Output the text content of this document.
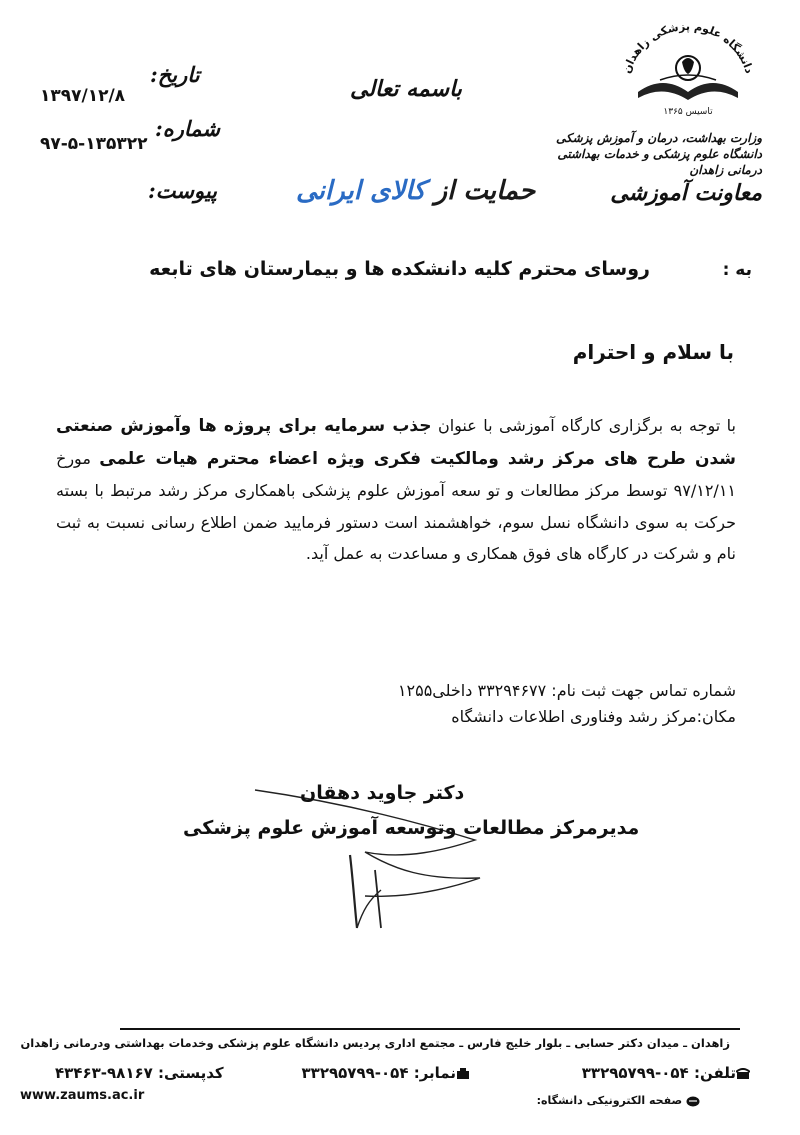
دانشگاه علوم پزشکی زاهدان
تاسیس ۱۳۶۵
وزارت بهداشت، درمان و آموزش پزشکی
دانشگاه علوم پزشکی و خدمات بهداشتی درمانی زاهدان
معاونت آموزشی
باسمه تعالی
حمایت از کالای ایرانی
تاریخ:
۱۳۹۷/۱۲/۸
شماره:
۹۷-۵-۱۳۵۳۲۲
پیوست:
به :
روسای محترم کلیه دانشکده ها و بیمارستان های تابعه
با سلام و احترام
با توجه به برگزاری کارگاه آموزشی با عنوان جذب سرمایه برای پروژه ها وآموزش صنعتی شدن طرح های مرکز رشد ومالکیت فکری ویژه اعضاء محترم هیات علمی مورخ ۹۷/۱۲/۱۱ توسط مرکز مطالعات و تو سعه آموزش علوم پزشکی باهمکاری مرکز رشد مرتبط با بسته حرکت به سوی دانشگاه نسل سوم، خواهشمند است دستور فرمایید ضمن اطلاع رسانی نسبت به ثبت نام و شرکت در کارگاه های فوق همکاری و مساعدت به عمل آید.
شماره تماس جهت ثبت نام: ۳۳۲۹۴۶۷۷ داخلی۱۲۵۵
مکان:مرکز رشد وفناوری اطلاعات دانشگاه
دکتر جاوید دهقان
مدیرمرکز مطالعات وتوسعه آموزش علوم پزشکی
زاهدان ـ میدان دکتر حسابی ـ بلوار خلیج فارس ـ مجتمع اداری پردیس دانشگاه علوم پزشکی وخدمات بهداشتی ودرمانی زاهدان
تلفن: ۰۵۴-۳۳۲۹۵۷۹۹
نمابر: ۰۵۴-۳۳۲۹۵۷۹۹
کدپستی: ۹۸۱۶۷-۴۳۴۶۳
www.zaums.ac.ir	صفحه الکترونیکی دانشگاه:
